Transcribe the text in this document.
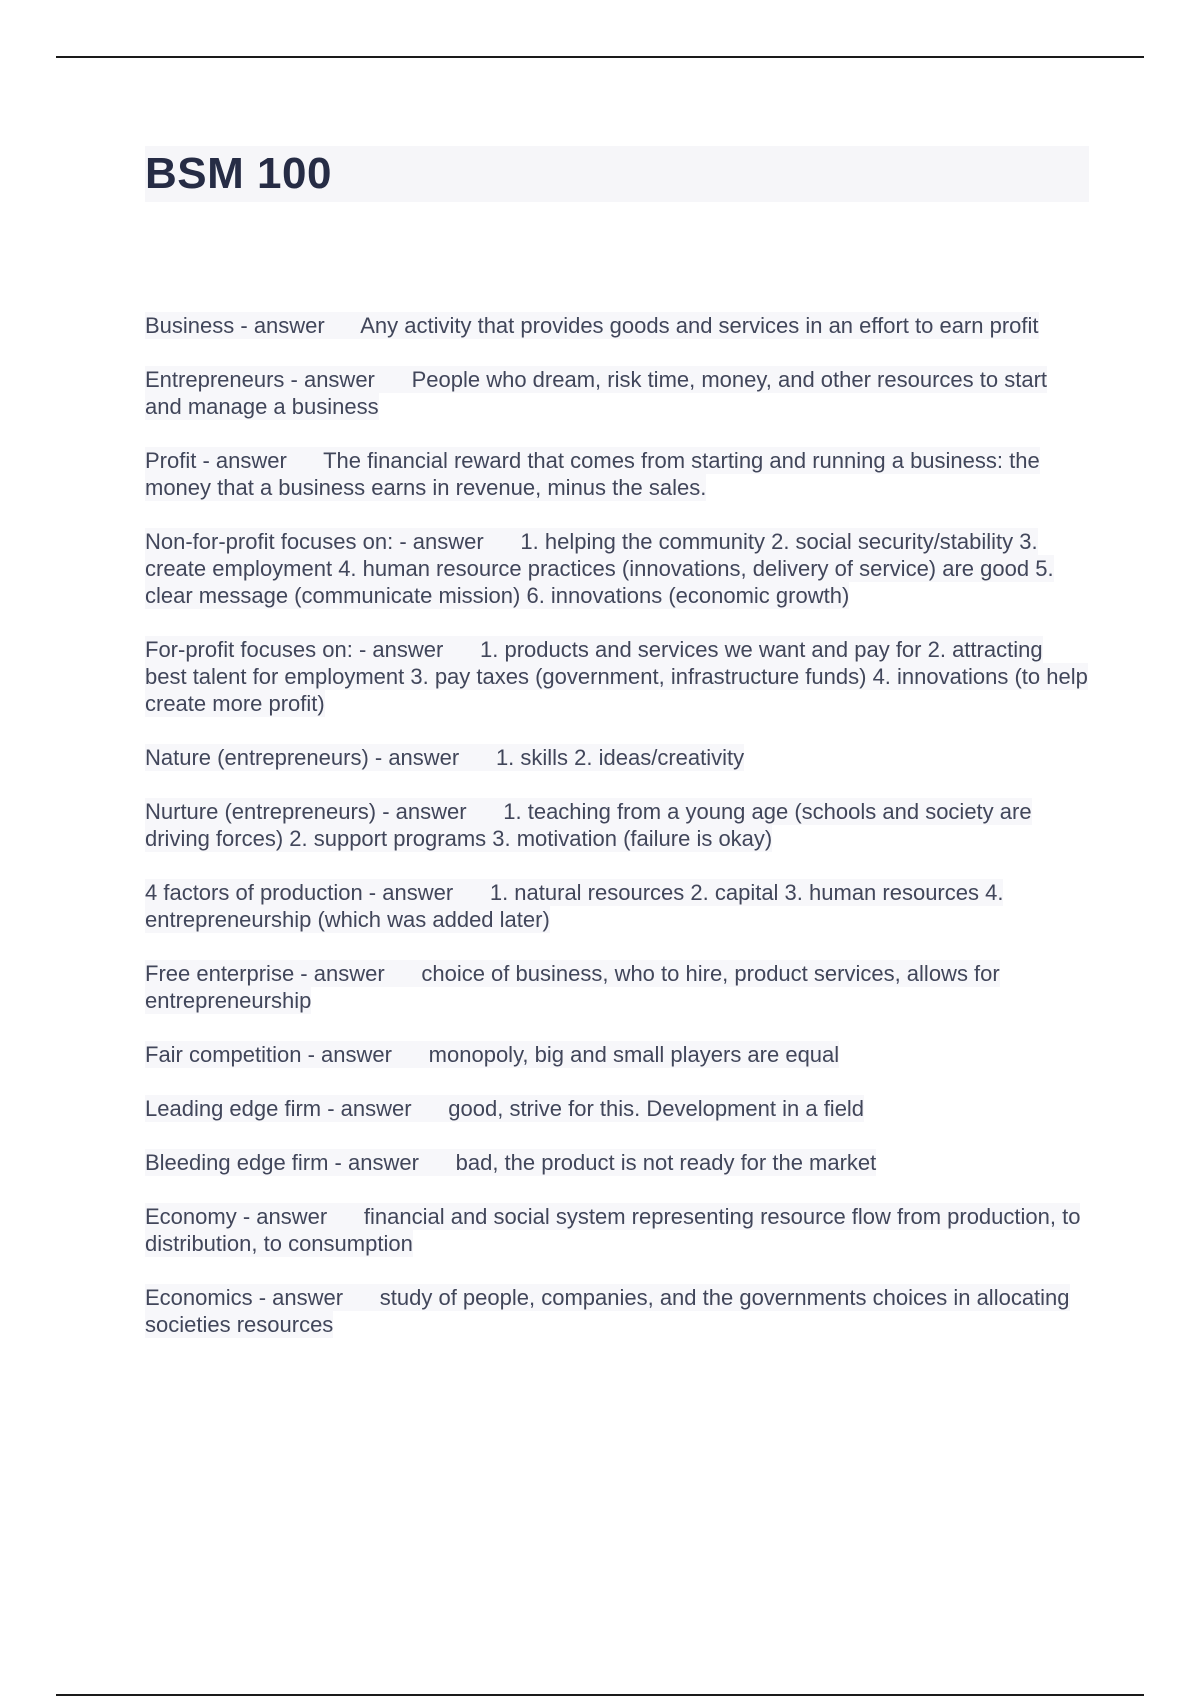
BSM 100

Business - answer Any activity that provides goods and services in an effort to earn profit

Entrepreneurs - answer People who dream, risk time, money, and other resources to start and manage a business

Profit - answer The financial reward that comes from starting and running a business: the money that a business earns in revenue, minus the sales.

Non-for-profit focuses on: - answer 1. helping the community 2. social security/stability 3. create employment 4. human resource practices (innovations, delivery of service) are good 5. clear message (communicate mission) 6. innovations (economic growth)

For-profit focuses on: - answer 1. products and services we want and pay for 2. attracting best talent for employment 3. pay taxes (government, infrastructure funds) 4. innovations (to help create more profit)

Nature (entrepreneurs) - answer 1. skills 2. ideas/creativity

Nurture (entrepreneurs) - answer 1. teaching from a young age (schools and society are driving forces) 2. support programs 3. motivation (failure is okay)

4 factors of production - answer 1. natural resources 2. capital 3. human resources 4. entrepreneurship (which was added later)

Free enterprise - answer choice of business, who to hire, product services, allows for entrepreneurship

Fair competition - answer monopoly, big and small players are equal

Leading edge firm - answer good, strive for this. Development in a field

Bleeding edge firm - answer bad, the product is not ready for the market

Economy - answer financial and social system representing resource flow from production, to distribution, to consumption

Economics - answer study of people, companies, and the governments choices in allocating societies resources
